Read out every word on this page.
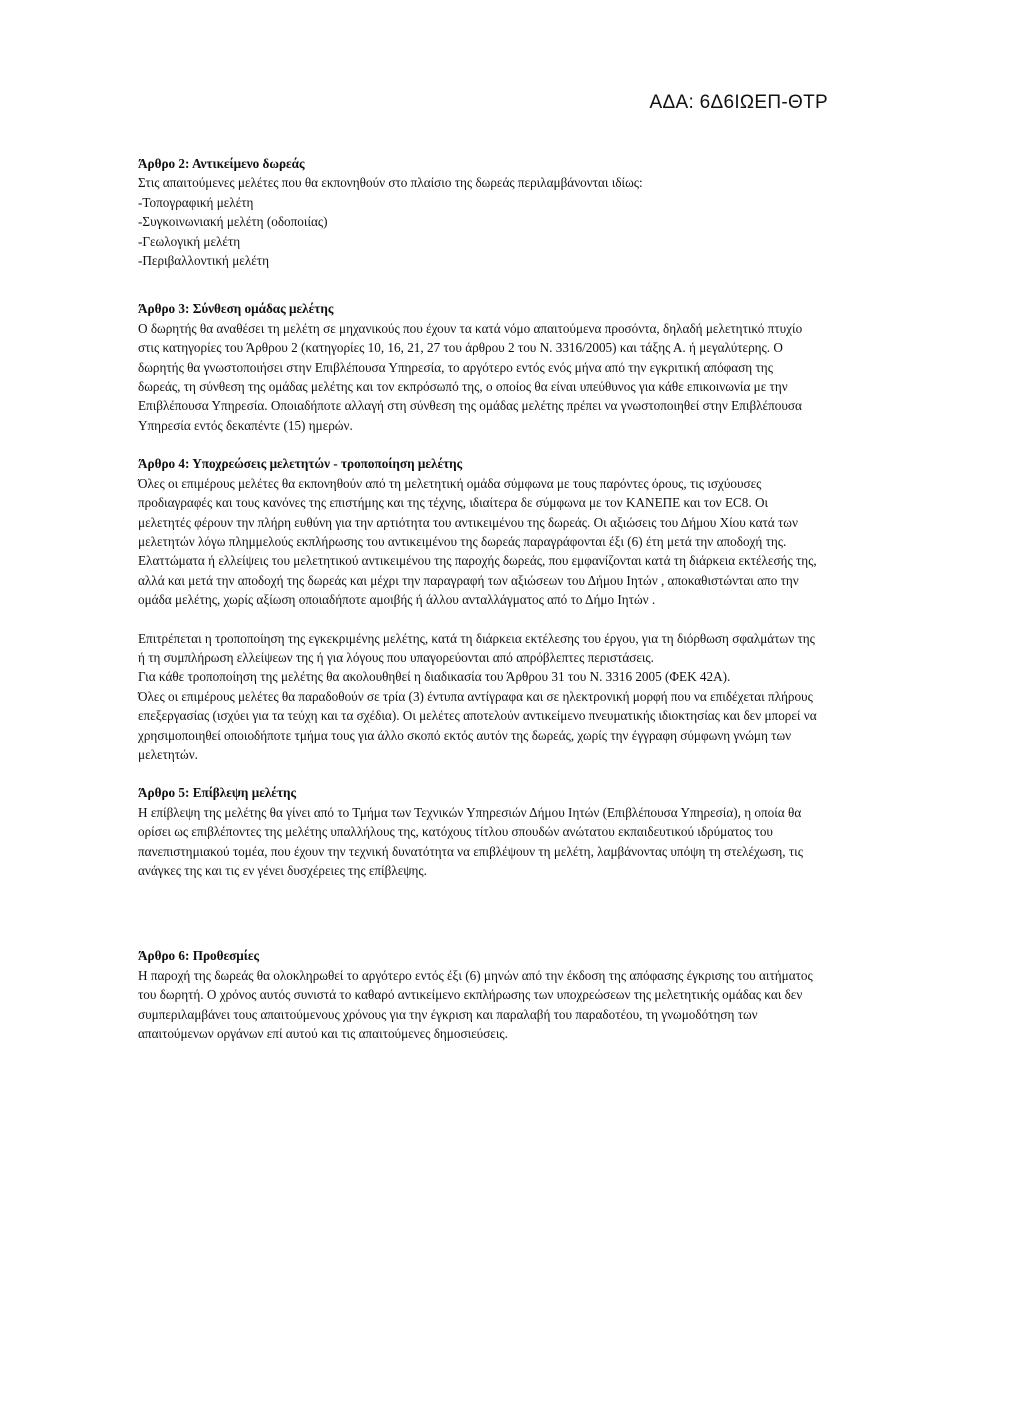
ΑΔΑ: 6Δ6ΙΩΕΠ-ΘΤΡ

Άρθρο 2: Αντικείμενο δωρεάς

Στις απαιτούμενες μελέτες που θα εκπονηθούν στο πλαίσιο της δωρεάς περιλαμβάνονται ιδίως:

-Τοπογραφική μελέτη

-Συγκοινωνιακή μελέτη (οδοποιίας)

-Γεωλογική μελέτη

-Περιβαλλοντική μελέτη

Άρθρο 3: Σύνθεση ομάδας μελέτης

Ο δωρητής θα αναθέσει τη μελέτη σε μηχανικούς που έχουν τα κατά νόμο απαιτούμενα προσόντα, δηλαδή μελετητικό πτυχίο στις κατηγορίες του Άρθρου 2 (κατηγορίες 10, 16, 21, 27 του άρθρου 2 του Ν. 3316/2005) και τάξης Α. ή μεγαλύτερης. Ο δωρητής θα γνωστοποιήσει στην Επιβλέπουσα Υπηρεσία, το αργότερο εντός ενός μήνα από την εγκριτική απόφαση της δωρεάς, τη σύνθεση της ομάδας μελέτης και τον εκπρόσωπό της, ο οποίος θα είναι υπεύθυνος για κάθε επικοινωνία με την Επιβλέπουσα Υπηρεσία. Οποιαδήποτε αλλαγή στη σύνθεση της ομάδας μελέτης πρέπει να γνωστοποιηθεί στην Επιβλέπουσα Υπηρεσία εντός δεκαπέντε (15) ημερών.

Άρθρο 4: Υποχρεώσεις μελετητών - τροποποίηση μελέτης

Όλες οι επιμέρους μελέτες θα εκπονηθούν από τη μελετητική ομάδα σύμφωνα με τους παρόντες όρους, τις ισχύουσες προδιαγραφές και τους κανόνες της επιστήμης και της τέχνης, ιδιαίτερα δε σύμφωνα με τον ΚΑΝΕΠΕ και τον EC8. Οι μελετητές φέρουν την πλήρη ευθύνη για την αρτιότητα του αντικειμένου της δωρεάς. Οι αξιώσεις του Δήμου Χίου κατά των μελετητών λόγω πλημμελούς εκπλήρωσης του αντικειμένου της δωρεάς παραγράφονται έξι (6) έτη μετά την αποδοχή της.

Ελαττώματα ή ελλείψεις του μελετητικού αντικειμένου της παροχής δωρεάς, που εμφανίζονται κατά τη διάρκεια εκτέλεσής της, αλλά και μετά την αποδοχή της δωρεάς και μέχρι την παραγραφή των αξιώσεων του Δήμου Ιητών , αποκαθιστώνται απο την ομάδα μελέτης, χωρίς αξίωση οποιαδήποτε αμοιβής ή άλλου ανταλλάγματος από το Δήμο Ιητών .

Επιτρέπεται η τροποποίηση της εγκεκριμένης μελέτης, κατά τη διάρκεια εκτέλεσης του έργου, για τη διόρθωση σφαλμάτων της ή τη συμπλήρωση ελλείψεων της ή για λόγους που υπαγορεύονται από απρόβλεπτες περιστάσεις.

Για κάθε τροποποίηση της μελέτης θα ακολουθηθεί η διαδικασία του Άρθρου 31 του Ν. 3316 2005 (ΦΕΚ 42Α).

Όλες οι επιμέρους μελέτες θα παραδοθούν σε τρία (3) έντυπα αντίγραφα και σε ηλεκτρονική μορφή που να επιδέχεται πλήρους επεξεργασίας (ισχύει για τα τεύχη και τα σχέδια). Οι μελέτες αποτελούν αντικείμενο πνευματικής ιδιοκτησίας και δεν μπορεί να χρησιμοποιηθεί οποιοδήποτε τμήμα τους για άλλο σκοπό εκτός αυτόν της δωρεάς, χωρίς την έγγραφη σύμφωνη γνώμη των μελετητών.

Άρθρο 5: Επίβλεψη μελέτης

Η επίβλεψη της μελέτης θα γίνει από το Τμήμα των Τεχνικών Υπηρεσιών Δήμου Ιητών (Επιβλέπουσα Υπηρεσία), η οποία θα ορίσει ως επιβλέποντες της μελέτης υπαλλήλους της, κατόχους τίτλου σπουδών ανώτατου εκπαιδευτικού ιδρύματος του πανεπιστημιακού τομέα, που έχουν την τεχνική δυνατότητα να επιβλέψουν τη μελέτη, λαμβάνοντας υπόψη τη στελέχωση, τις ανάγκες της και τις εν γένει δυσχέρειες της επίβλεψης.

Άρθρο 6: Προθεσμίες

Η παροχή της δωρεάς θα ολοκληρωθεί το αργότερο εντός έξι (6) μηνών από την έκδοση της απόφασης έγκρισης του αιτήματος του δωρητή. Ο χρόνος αυτός συνιστά το καθαρό αντικείμενο εκπλήρωσης των υποχρεώσεων της μελετητικής ομάδας και δεν συμπεριλαμβάνει τους απαιτούμενους χρόνους για την έγκριση και παραλαβή του παραδοτέου, τη γνωμοδότηση των απαιτούμενων οργάνων επί αυτού και τις απαιτούμενες δημοσιεύσεις.
